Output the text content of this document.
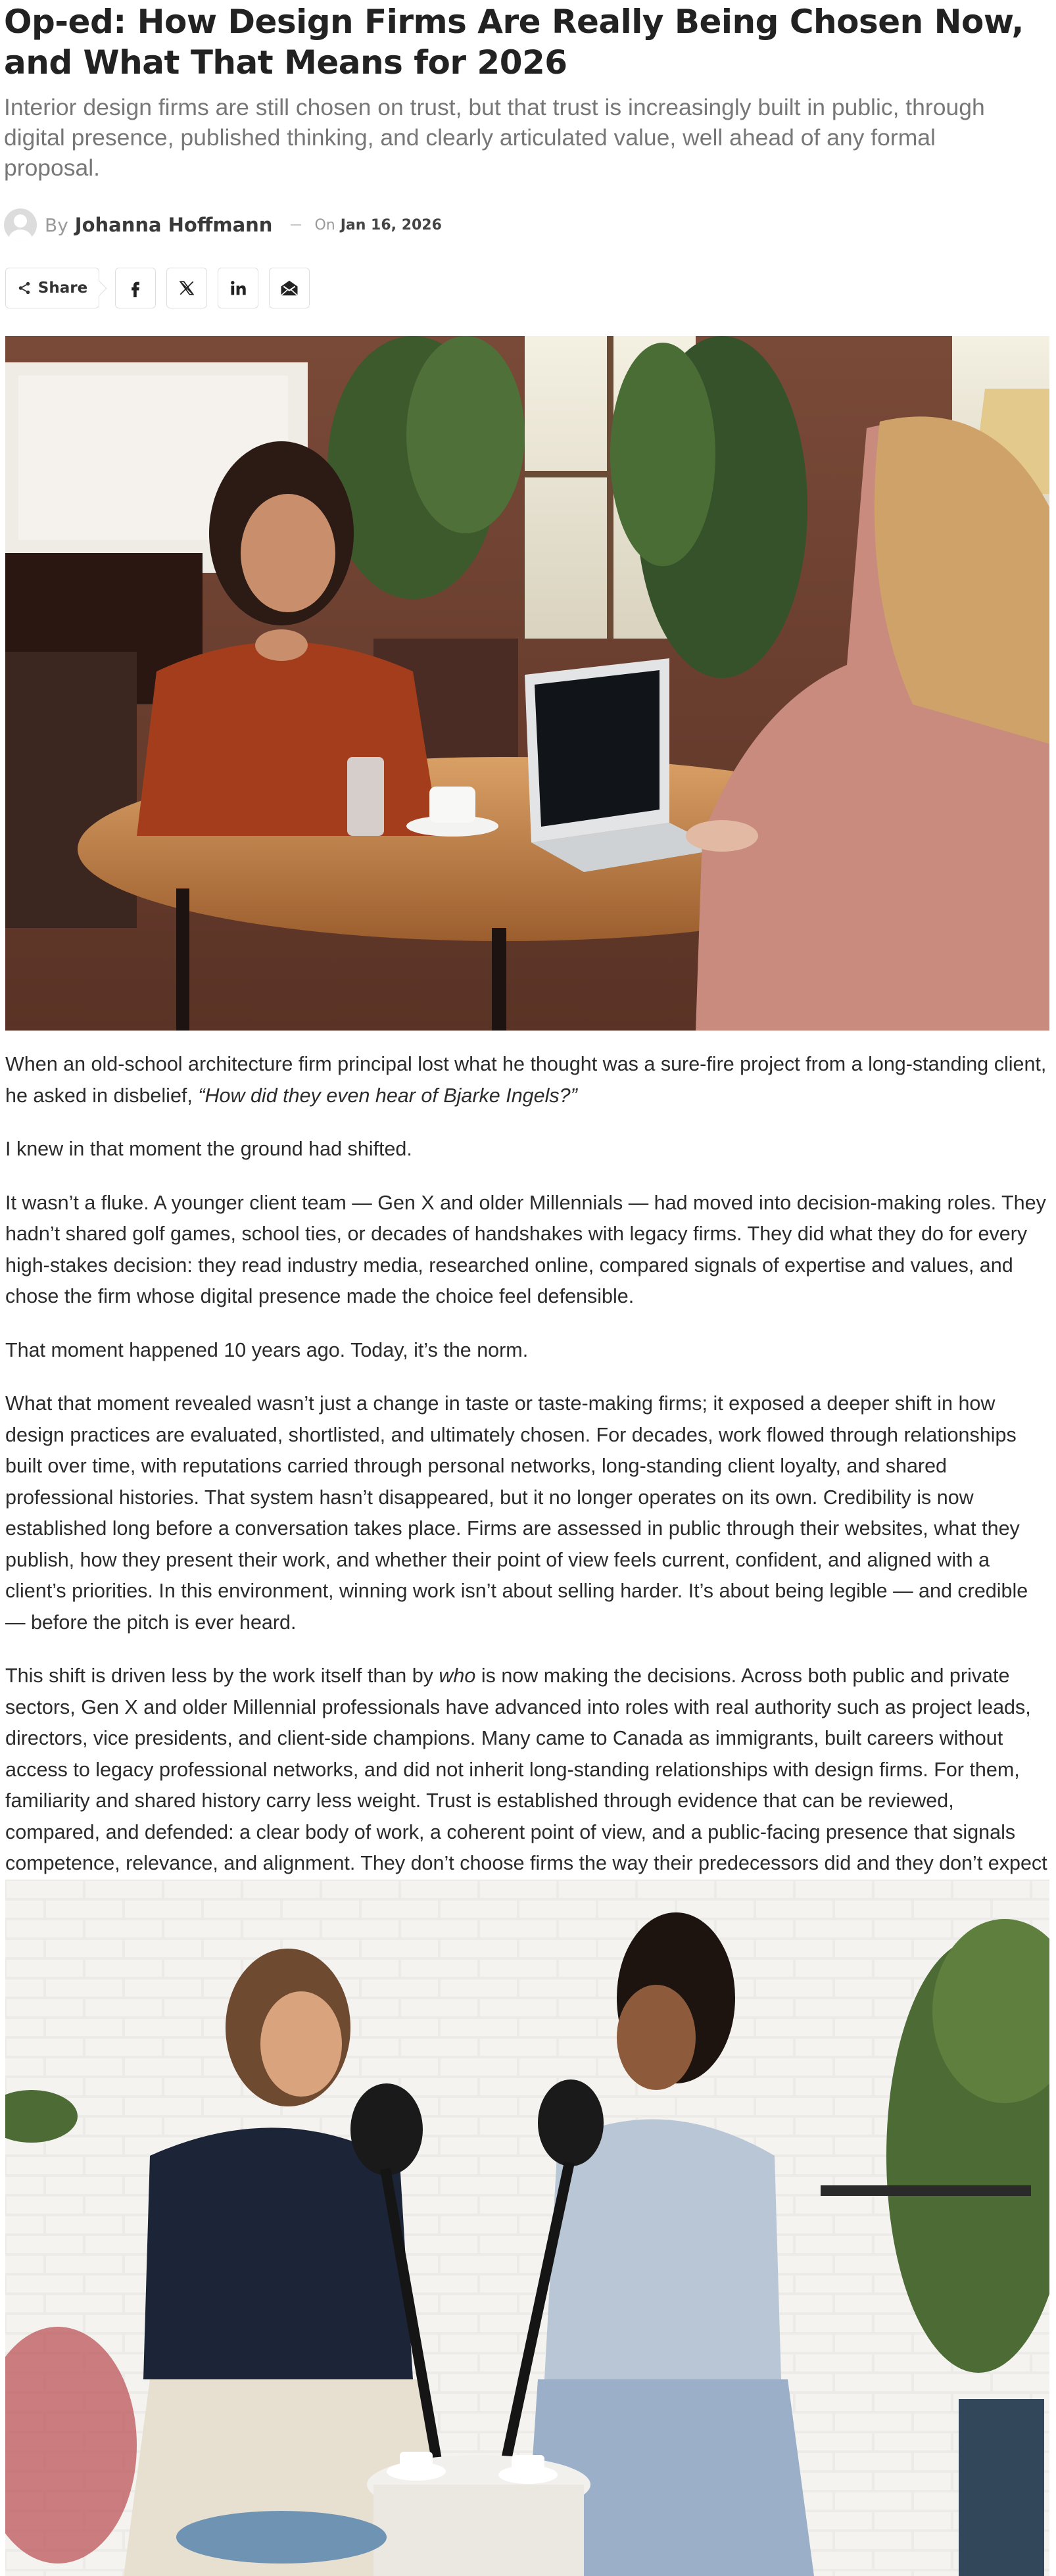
Op-ed: How Design Firms Are Really Being Chosen Now, and What That Means for 2026

Interior design firms are still chosen on trust, but that trust is increasingly built in public, through digital presence, published thinking, and clearly articulated value, well ahead of any formal proposal.

By Johanna Hoffmann	On Jan 16, 2026
Share

When an old-school architecture firm principal lost what he thought was a sure-fire project from a long-standing client, he asked in disbelief, “How did they even hear of Bjarke Ingels?”

I knew in that moment the ground had shifted.

It wasn’t a fluke. A younger client team — Gen X and older Millennials — had moved into decision-making roles. They hadn’t shared golf games, school ties, or decades of handshakes with legacy firms. They did what they do for every high-stakes decision: they read industry media, researched online, compared signals of expertise and values, and chose the firm whose digital presence made the choice feel defensible.

That moment happened 10 years ago. Today, it’s the norm.

What that moment revealed wasn’t just a change in taste or taste-making firms; it exposed a deeper shift in how design practices are evaluated, shortlisted, and ultimately chosen. For decades, work flowed through relationships built over time, with reputations carried through personal networks, long-standing client loyalty, and shared professional histories. That system hasn’t disappeared, but it no longer operates on its own. Credibility is now established long before a conversation takes place. Firms are assessed in public through their websites, what they publish, how they present their work, and whether their point of view feels current, confident, and aligned with a client’s priorities. In this environment, winning work isn’t about selling harder. It’s about being legible — and credible — before the pitch is ever heard.

This shift is driven less by the work itself than by who is now making the decisions. Across both public and private sectors, Gen X and older Millennial professionals have advanced into roles with real authority such as project leads, directors, vice presidents, and client-side champions. Many came to Canada as immigrants, built careers without access to legacy professional networks, and did not inherit long-standing relationships with design firms. For them, familiarity and shared history carry less weight. Trust is established through evidence that can be reviewed, compared, and defended: a clear body of work, a coherent point of view, and a public-facing presence that signals competence, relevance, and alignment. They don’t choose firms the way their predecessors did and they don’t expect
